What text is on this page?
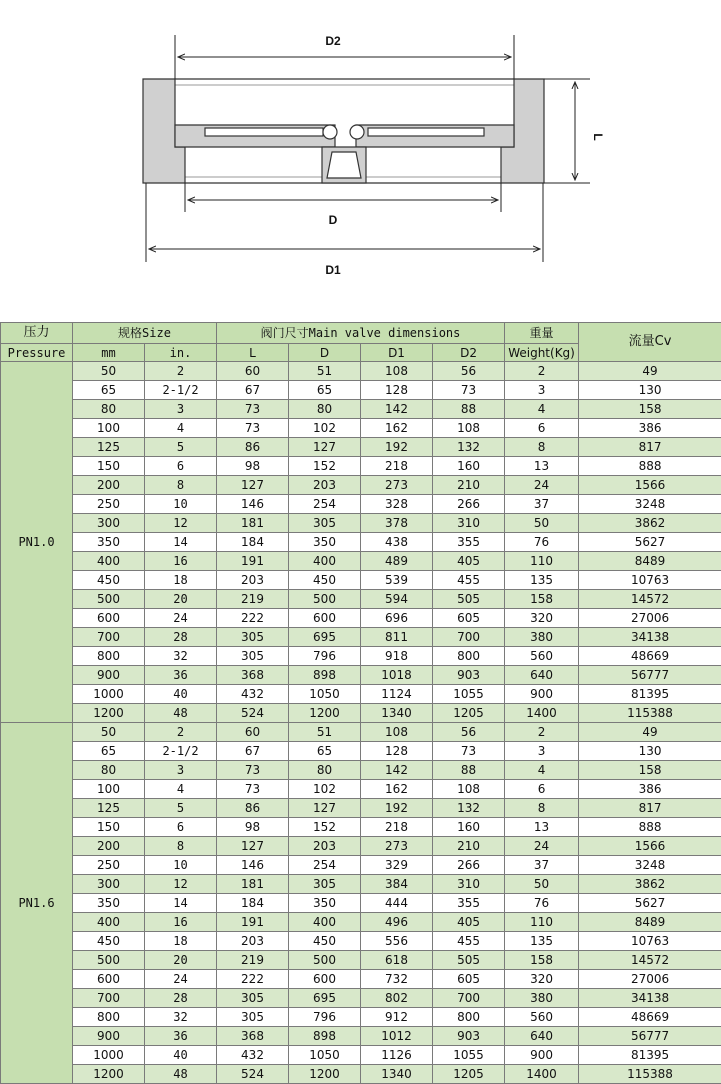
D2
L
D
D1
压力	规格Size		阀门尺寸Main valve dimensions				重量	流量Cv
Pressure	mm	in.	L	D	D1	D2	Weight(Kg)	
PN1.0	50	2	60	51	108	56	2	49
	65	2-1/2	67	65	128	73	3	130
	80	3	73	80	142	88	4	158
	100	4	73	102	162	108	6	386
	125	5	86	127	192	132	8	817
	150	6	98	152	218	160	13	888
	200	8	127	203	273	210	24	1566
	250	10	146	254	328	266	37	3248
	300	12	181	305	378	310	50	3862
	350	14	184	350	438	355	76	5627
	400	16	191	400	489	405	110	8489
	450	18	203	450	539	455	135	10763
	500	20	219	500	594	505	158	14572
	600	24	222	600	696	605	320	27006
	700	28	305	695	811	700	380	34138
	800	32	305	796	918	800	560	48669
	900	36	368	898	1018	903	640	56777
	1000	40	432	1050	1124	1055	900	81395
	1200	48	524	1200	1340	1205	1400	115388
PN1.6	50	2	60	51	108	56	2	49
	65	2-1/2	67	65	128	73	3	130
	80	3	73	80	142	88	4	158
	100	4	73	102	162	108	6	386
	125	5	86	127	192	132	8	817
	150	6	98	152	218	160	13	888
	200	8	127	203	273	210	24	1566
	250	10	146	254	329	266	37	3248
	300	12	181	305	384	310	50	3862
	350	14	184	350	444	355	76	5627
	400	16	191	400	496	405	110	8489
	450	18	203	450	556	455	135	10763
	500	20	219	500	618	505	158	14572
	600	24	222	600	732	605	320	27006
	700	28	305	695	802	700	380	34138
	800	32	305	796	912	800	560	48669
	900	36	368	898	1012	903	640	56777
	1000	40	432	1050	1126	1055	900	81395
	1200	48	524	1200	1340	1205	1400	115388
